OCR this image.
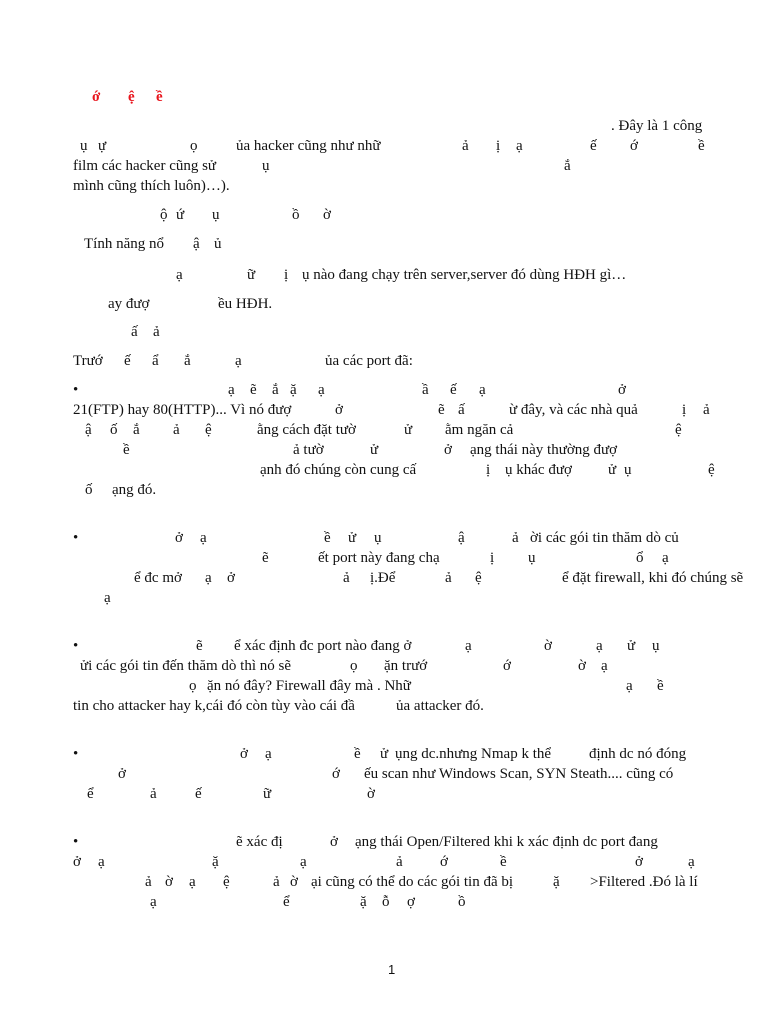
ớ ệ ề
. Đây là 1 công
ụ ự	ọ	ủa hacker cũng như nhữ	ả ị ạ	ế ớ	ề
film các hacker cũng sử	ụ	ắ
mình cũng thích luôn)…).
ộ ứ ụ	ồ ờ
Tính năng nổ ậ ủ
ạ	ữ ị ụ nào đang chạy trên server,server đó dùng HĐH gì…
ay đượ	ều HĐH.
ấ ả
Trướ ế ẩ ắ	ạ	ủa các port đã:
•	ạ ẽ ắ ặ ạ	ầ ế ạ	ở
21(FTP) hay 80(HTTP)... Vì nó đượ	ở	ẽ ấ	ừ đây, và các nhà quả	ị ả
ậ ố ắ ả ệ	ằng cách đặt tườ	ử ằm ngăn cả	ệ
ề	ả tườ	ử	ở ạng thái này thường đượ
ạnh đó chúng còn cung cấ	ị ụ khác đượ ử ụ	ệ
ố ạng đó.
•	ở ạ	ề ử ụ	ậ	ả ời các gói tin thăm dò củ
ẽ	ết port này đang chạ	ị ụ	ổ ạ
ể đc mở ạ ở	ả ị.Để	ả ệ	ể đặt firewall, khi đó chúng sẽ
ạ
•	ẽ ể xác định đc port nào đang ở	ạ	ờ	ạ ử ụ
ửi các gói tin đến thăm dò thì nó sẽ	ọ ặn trướ	ớ	ờ ạ
ọ ặn nó đây? Firewall đây mà . Nhữ	ạ ề
tin cho attacker hay k,cái đó còn tùy vào cái đầ	ủa attacker đó.
•	ở ạ	ề ử ụng dc.nhưng Nmap k thể	định dc nó đóng
ở	ớ ếu scan như Windows Scan, SYN Steath.... cũng có
ể	ả	ế	ữ	ờ
•	ẽ xác đị	ở ạng thái Open/Filtered khi k xác định dc port đang
ở ạ	ặ	ạ	ả ớ	ề	ở	ạ
ả ờ ạ ệ	ả ờ ại cũng có thể do các gói tin đã bị	ặ >Filtered .Đó là lí
ạ	ể	ặ ỗ ợ	ồ
1
